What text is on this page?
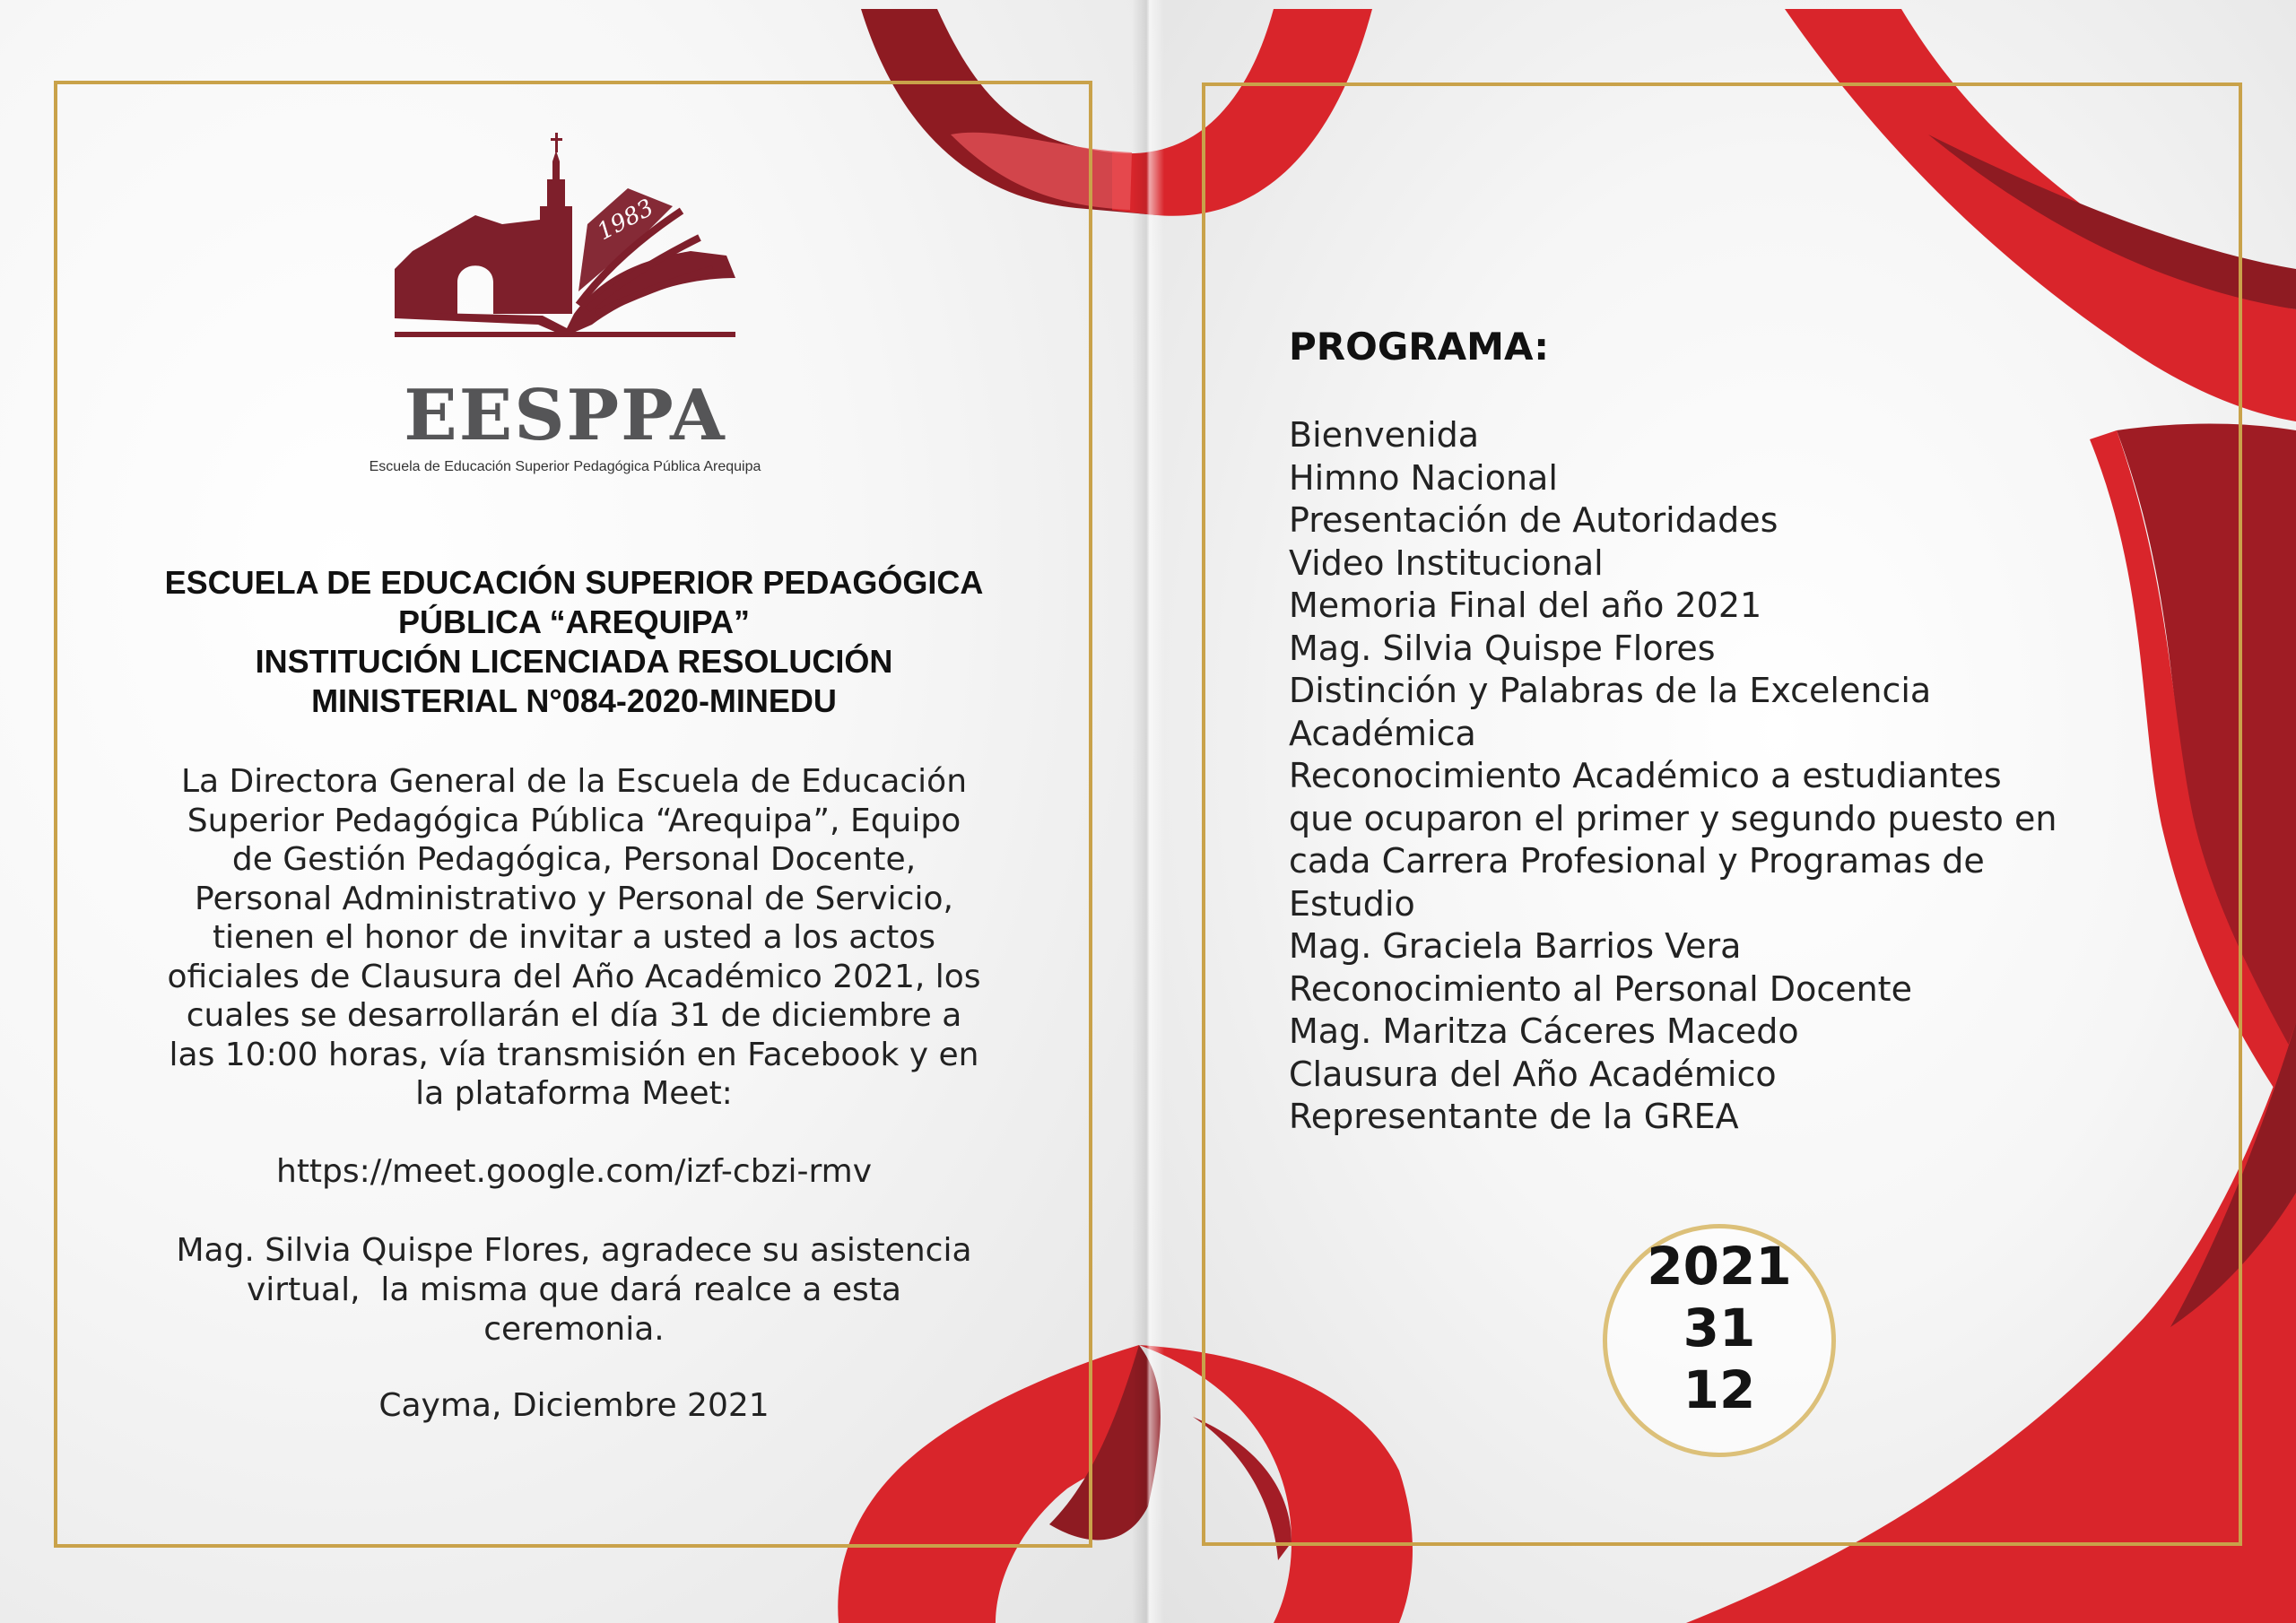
1983
EESPPA
Escuela de Educación Superior Pedagógica Pública Arequipa
ESCUELA DE EDUCACIÓN SUPERIOR PEDAGÓGICA
PÚBLICA “AREQUIPA”
INSTITUCIÓN LICENCIADA RESOLUCIÓN
MINISTERIAL N°084-2020-MINEDU
La Directora General de la Escuela de Educación
Superior Pedagógica Pública “Arequipa”, Equipo
de Gestión Pedagógica, Personal Docente,
Personal Administrativo y Personal de Servicio,
tienen el honor de invitar a usted a los actos
oficiales de Clausura del Año Académico 2021, los
cuales se desarrollarán el día 31 de diciembre a
las 10:00 horas, vía transmisión en Facebook y en
la plataforma Meet:
https://meet.google.com/izf-cbzi-rmv
Mag. Silvia Quispe Flores, agradece su asistencia
virtual,  la misma que dará realce a esta
ceremonia.
Cayma, Diciembre 2021
PROGRAMA:
Bienvenida
Himno Nacional
Presentación de Autoridades
Video Institucional
Memoria Final del año 2021
Mag. Silvia Quispe Flores
Distinción y Palabras de la Excelencia
Académica
Reconocimiento Académico a estudiantes
que ocuparon el primer y segundo puesto en
cada Carrera Profesional y Programas de
Estudio
Mag. Graciela Barrios Vera
Reconocimiento al Personal Docente
Mag. Maritza Cáceres Macedo
Clausura del Año Académico
Representante de la GREA
2021
31
12
